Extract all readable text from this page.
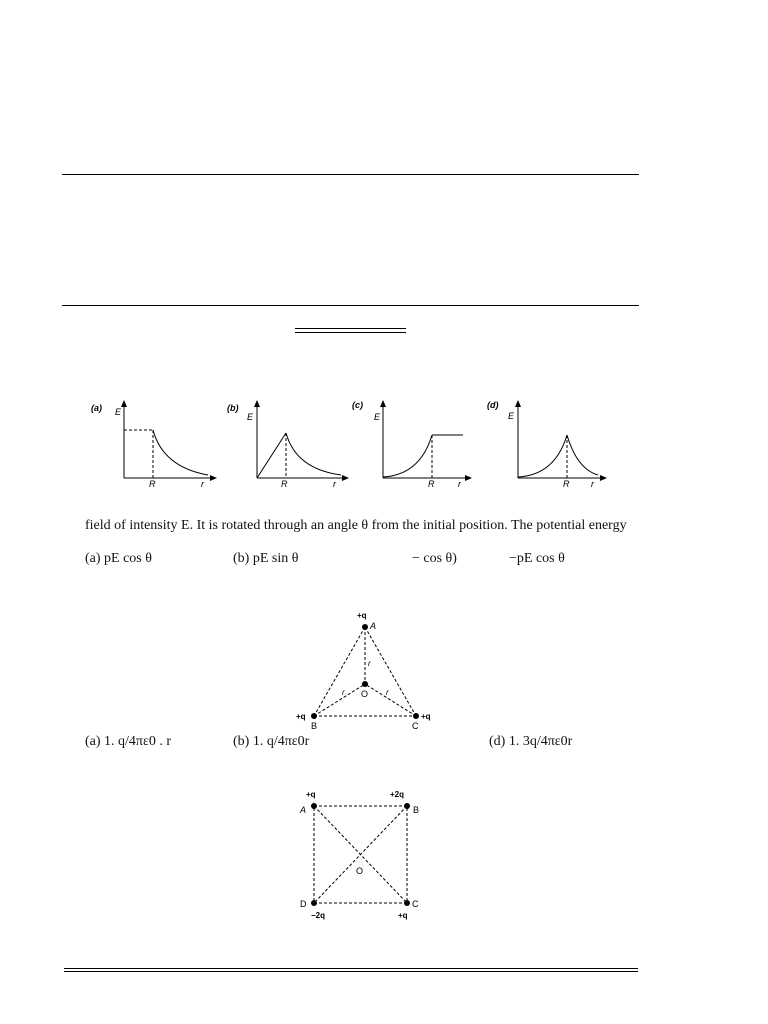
(a) E
R	r
(b)
E
R	r
(c)
E
R	r
(d)
E
R r
field of intensity E. It is rotated through an angle θ from the initial position. The potential energy
(a) pE cos θ	(b) pE sin θ	− cos θ)	−pE cos θ
+q
A
+q
B
+q
C
O
r
r	r
(a) 1. q/4πε0 . r	(b) 1. q/4πε0r	(d) 1. 3q/4πε0r
+q
A
+2q
B
C
+q
D
−2q
O
